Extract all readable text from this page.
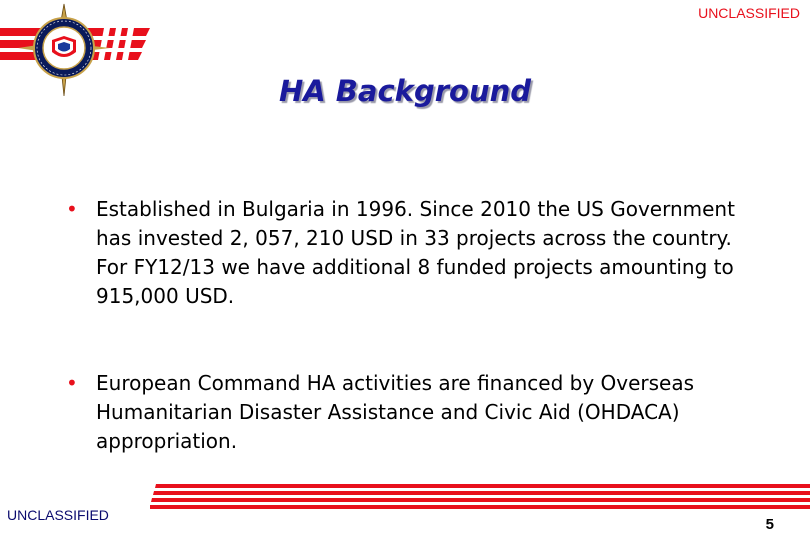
UNCLASSIFIED
HA Background
• Established in Bulgaria in 1996. Since 2010 the US Government has invested 2, 057, 210 USD in 33 projects across the country. For FY12/13 we have additional 8 funded projects amounting to 915,000 USD.
• European Command HA activities are financed by Overseas Humanitarian Disaster Assistance and Civic Aid (OHDACA) appropriation.
UNCLASSIFIED
5
